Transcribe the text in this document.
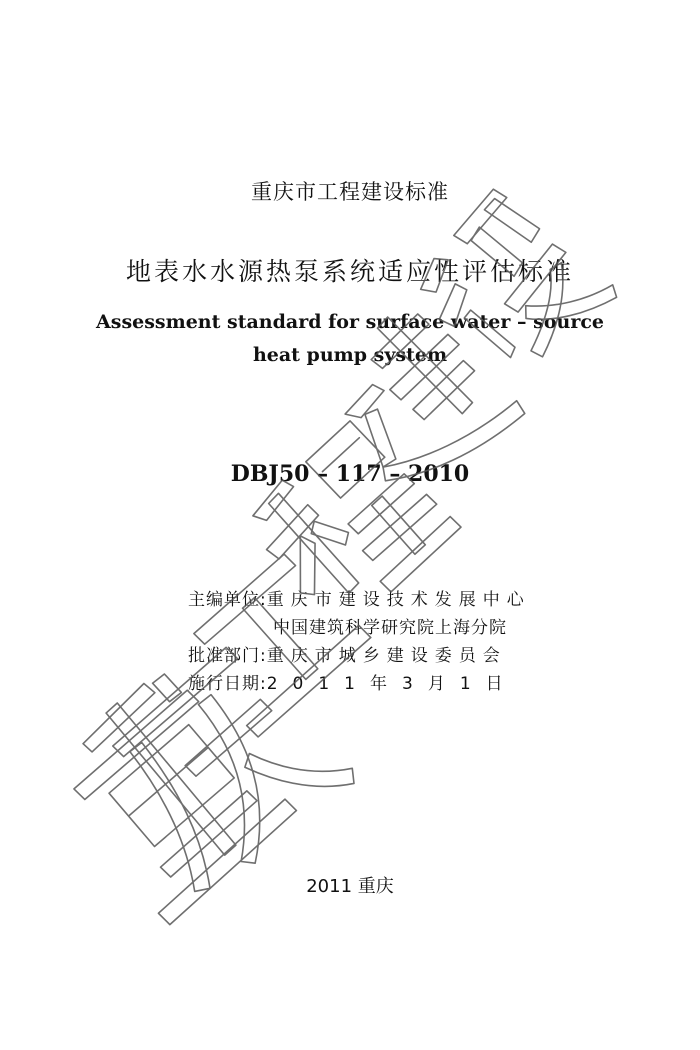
重庆市工程建设标准
地表水水源热泵系统适应性评估标准
Assessment standard for surface water – source
heat pump system
DBJ50 – 117 – 2010
主编单位: 重庆市建设技术发展中心
中国建筑科学研究院上海分院
批准部门: 重庆市城乡建设委员会
施行日期: 2011年3月1日
2011 重庆
